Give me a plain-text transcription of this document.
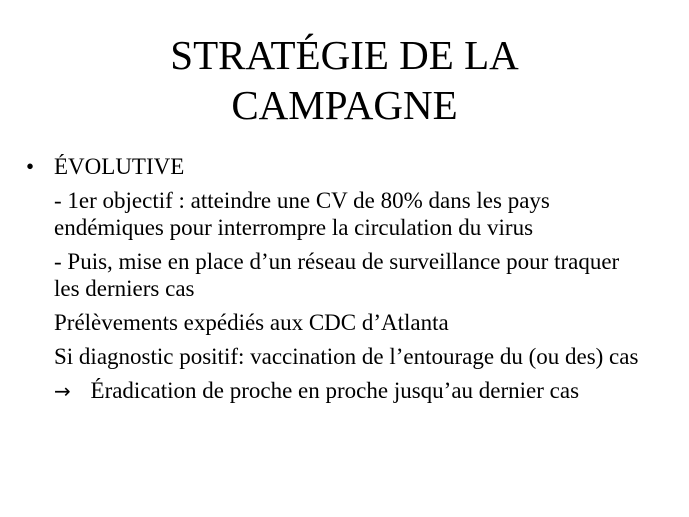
STRATÉGIE DE LA
CAMPAGNE
• ÉVOLUTIVE
- 1er objectif : atteindre une CV de 80% dans les pays endémiques pour interrompre la circulation du virus
- Puis, mise en place d’un réseau de surveillance pour traquer les derniers cas
Prélèvements expédiés aux CDC d’Atlanta
Si diagnostic positif: vaccination de l’entourage du (ou des) cas
→ Éradication de proche en proche jusqu’au dernier cas
